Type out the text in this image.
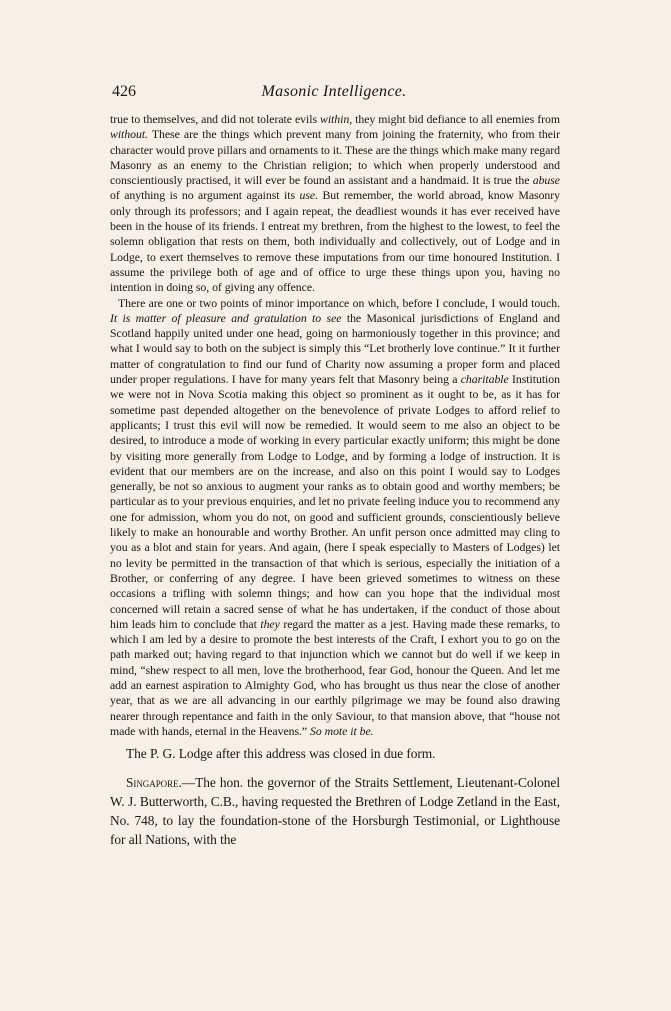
426	Masonic Intelligence.

true to themselves, and did not tolerate evils within, they might bid defiance to all enemies from without. These are the things which prevent many from joining the fraternity, who from their character would prove pillars and ornaments to it. These are the things which make many regard Masonry as an enemy to the Christian religion; to which when properly understood and conscientiously practised, it will ever be found an assistant and a handmaid. It is true the abuse of anything is no argument against its use. But remember, the world abroad, know Masonry only through its professors; and I again repeat, the deadliest wounds it has ever received have been in the house of its friends. I entreat my brethren, from the highest to the lowest, to feel the solemn obligation that rests on them, both individually and collectively, out of Lodge and in Lodge, to exert themselves to remove these imputations from our time honoured Institution. I assume the privilege both of age and of office to urge these things upon you, having no intention in doing so, of giving any offence.

There are one or two points of minor importance on which, before I conclude, I would touch. It is matter of pleasure and gratulation to see the Masonical jurisdictions of England and Scotland happily united under one head, going on harmoniously together in this province; and what I would say to both on the subject is simply this “Let brotherly love continue.” It it further matter of congratulation to find our fund of Charity now assuming a proper form and placed under proper regulations. I have for many years felt that Masonry being a charitable Institution we were not in Nova Scotia making this object so prominent as it ought to be, as it has for sometime past depended altogether on the benevolence of private Lodges to afford relief to applicants; I trust this evil will now be remedied. It would seem to me also an object to be desired, to introduce a mode of working in every particular exactly uniform; this might be done by visiting more generally from Lodge to Lodge, and by forming a lodge of instruction. It is evident that our members are on the increase, and also on this point I would say to Lodges generally, be not so anxious to augment your ranks as to obtain good and worthy members; be particular as to your previous enquiries, and let no private feeling induce you to recommend any one for admission, whom you do not, on good and sufficient grounds, conscientiously believe likely to make an honourable and worthy Brother. An unfit person once admitted may cling to you as a blot and stain for years. And again, (here I speak especially to Masters of Lodges) let no levity be permitted in the transaction of that which is serious, especially the initiation of a Brother, or conferring of any degree. I have been grieved sometimes to witness on these occasions a trifling with solemn things; and how can you hope that the individual most concerned will retain a sacred sense of what he has undertaken, if the conduct of those about him leads him to conclude that they regard the matter as a jest. Having made these remarks, to which I am led by a desire to promote the best interests of the Craft, I exhort you to go on the path marked out; having regard to that injunction which we cannot but do well if we keep in mind, “shew respect to all men, love the brotherhood, fear God, honour the Queen. And let me add an earnest aspiration to Almighty God, who has brought us thus near the close of another year, that as we are all advancing in our earthly pilgrimage we may be found also drawing nearer through repentance and faith in the only Saviour, to that mansion above, that “house not made with hands, eternal in the Heavens.” So mote it be.

The P. G. Lodge after this address was closed in due form.

Singapore.—The hon. the governor of the Straits Settlement, Lieutenant-Colonel W. J. Butterworth, C.B., having requested the Brethren of Lodge Zetland in the East, No. 748, to lay the foundation-stone of the Horsburgh Testimonial, or Lighthouse for all Nations, with the
